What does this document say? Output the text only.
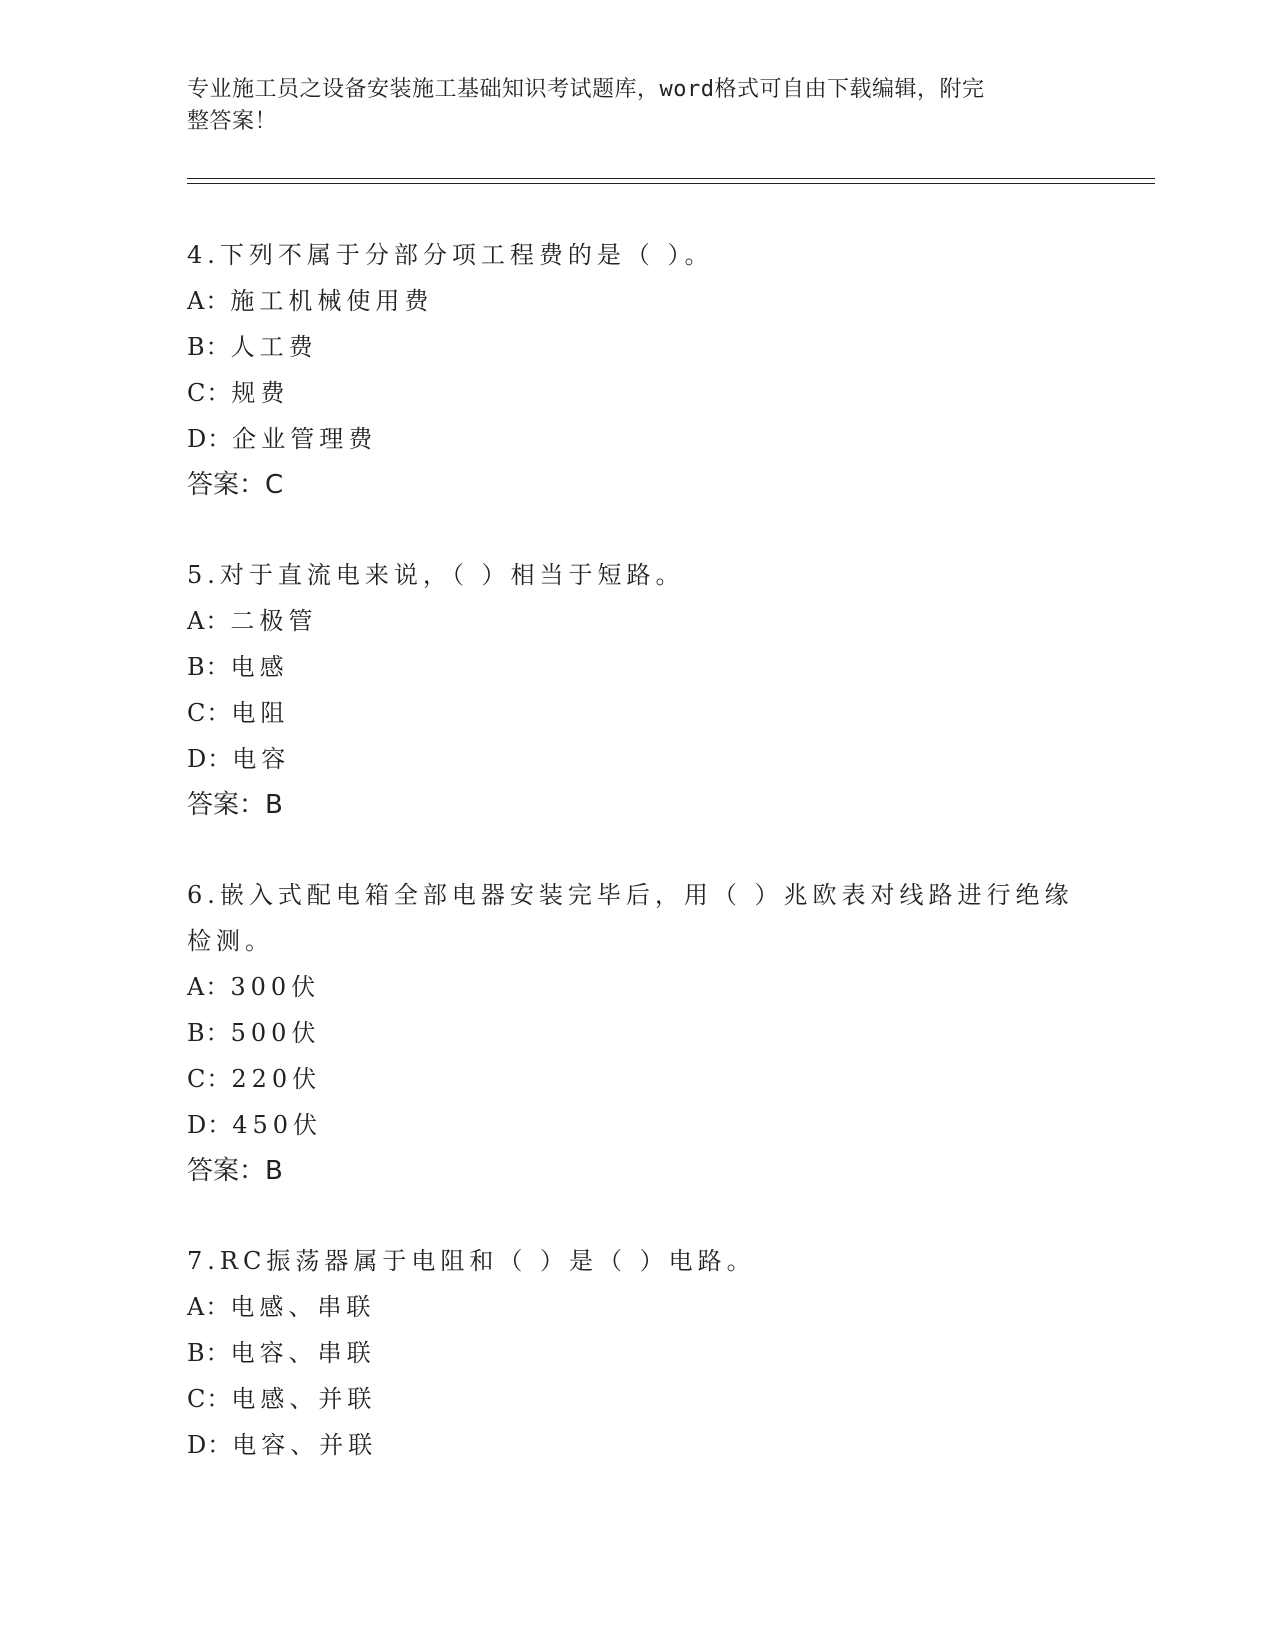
专业施工员之设备安装施工基础知识考试题库，word格式可自由下载编辑，附完
整答案！

4.下列不属于分部分项工程费的是（ ）。

A：施工机械使用费

B：人工费

C：规费

D：企业管理费

答案：C

5.对于直流电来说，（ ）相当于短路。

A：二极管

B：电感

C：电阻

D：电容

答案：B

6.嵌入式配电箱全部电器安装完毕后，用（ ）兆欧表对线路进行绝缘

检测。

A：300伏

B：500伏

C：220伏

D：450伏

答案：B

7.RC振荡器属于电阻和（ ）是（ ）电路。

A：电感、串联

B：电容、串联

C：电感、并联

D：电容、并联
